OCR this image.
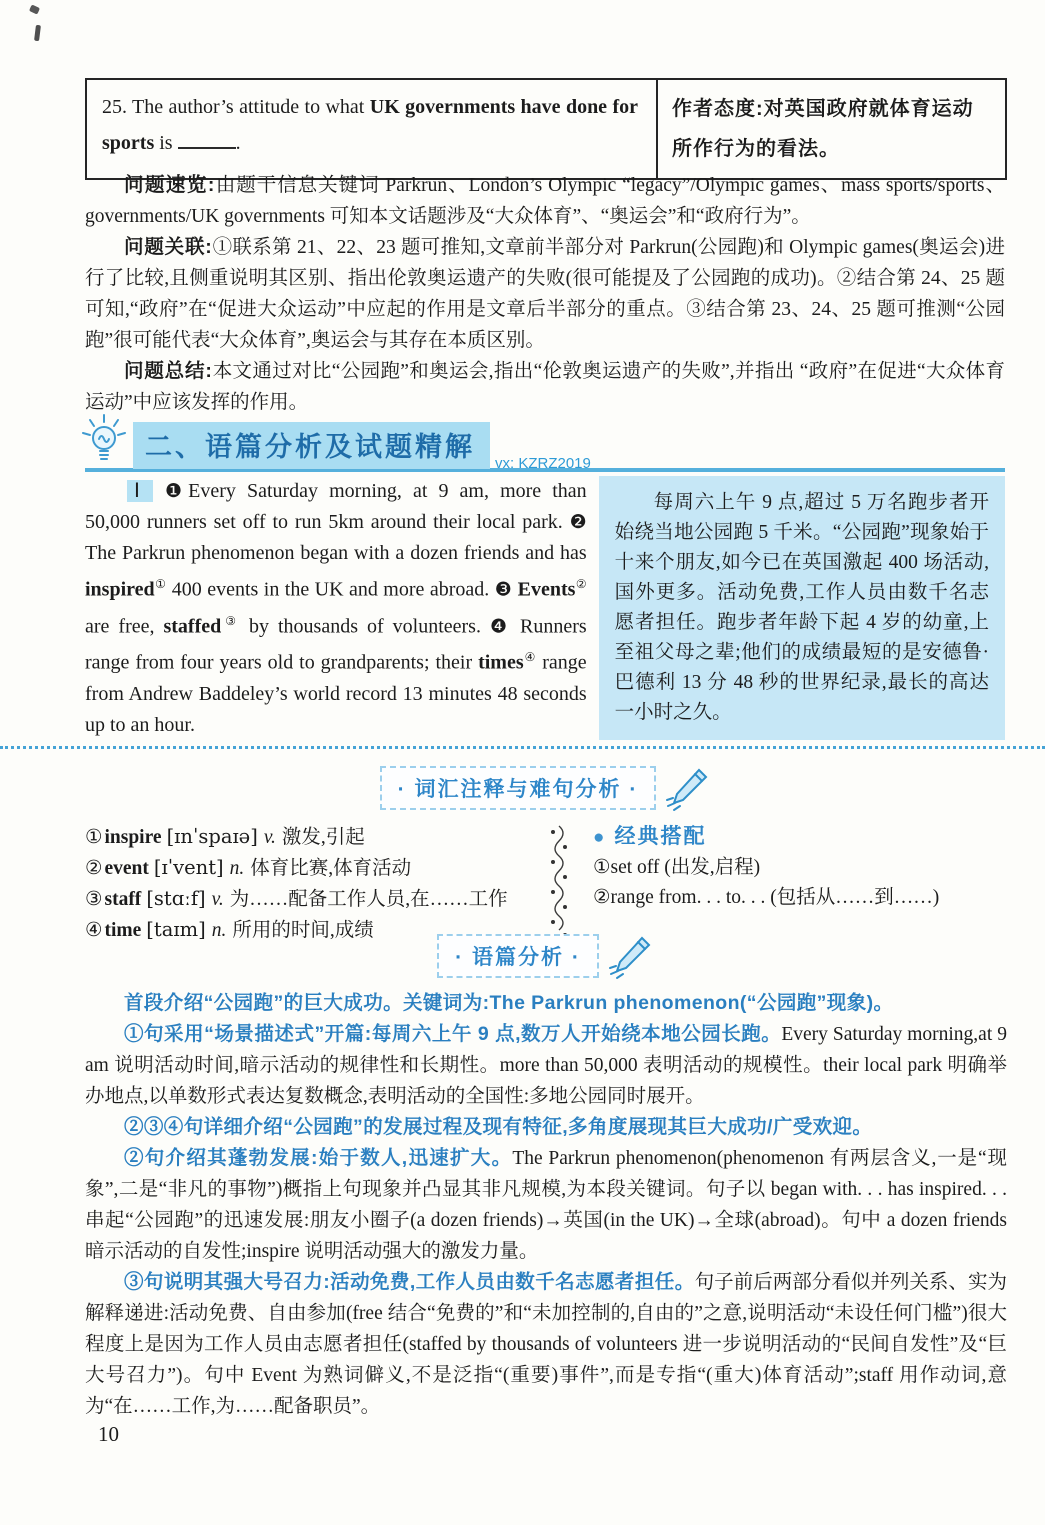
25. The author’s attitude to what UK governments have done for sports is	.
作者态度:对英国政府就体育运动所作行为的看法。

问题速览:由题干信息关键词 Parkrun、London’s Olympic “legacy”/Olympic games、mass sports/sports、governments/UK governments 可知本文话题涉及“大众体育”、“奥运会”和“政府行为”。

问题关联:①联系第 21、22、23 题可推知,文章前半部分对 Parkrun(公园跑)和 Olympic games(奥运会)进行了比较,且侧重说明其区别、指出伦敦奥运遗产的失败(很可能提及了公园跑的成功)。②结合第 24、25 题可知,“政府”在“促进大众运动”中应起的作用是文章后半部分的重点。③结合第 23、24、25 题可推测“公园跑”很可能代表“大众体育”,奥运会与其存在本质区别。

问题总结:本文通过对比“公园跑”和奥运会,指出“伦敦奥运遗产的失败”,并指出 “政府”在促进“大众体育运动”中应该发挥的作用。

二、语篇分析及试题精解vx: KZRZ2019
Ⅰ ❶Every Saturday morning, at 9 am, more than 50,000 runners set off to run 5km around their local park. ❷ The Parkrun phenomenon began with a dozen friends and has inspired① 400 events in the UK and more abroad. ❸ Events② are free, staffed③ by thousands of volunteers. ❹ Runners range from four years old to grandparents; their times④ range from Andrew Baddeley’s world record 13 minutes 48 seconds up to an hour.
每周六上午 9 点,超过 5 万名跑步者开始绕当地公园跑 5 千米。“公园跑”现象始于十来个朋友,如今已在英国激起 400 场活动,国外更多。活动免费,工作人员由数千名志愿者担任。跑步者年龄下起 4 岁的幼童,上至祖父母之辈;他们的成绩最短的是安德鲁·巴德利 13 分 48 秒的世界纪录,最长的高达一小时之久。
· 词汇注释与难句分析 ·

① inspire [ɪnˈspaɪə] v. 激发,引起

② event [ɪˈvent] n. 体育比赛,体育活动

③ staff [stɑːf] v. 为……配备工作人员,在……工作

④ time [taɪm] n. 所用的时间,成绩

● 经典搭配

①set off (出发,启程)

②range from. . . to. . . (包括从……到……)

· 语篇分析 ·

首段介绍“公园跑”的巨大成功。关键词为:The Parkrun phenomenon(“公园跑”现象)。

①句采用“场景描述式”开篇:每周六上午 9 点,数万人开始绕本地公园长跑。Every Saturday morning,at 9 am 说明活动时间,暗示活动的规律性和长期性。more than 50,000 表明活动的规模性。their local park 明确举办地点,以单数形式表达复数概念,表明活动的全国性:多地公园同时展开。

②③④句详细介绍“公园跑”的发展过程及现有特征,多角度展现其巨大成功/广受欢迎。

②句介绍其蓬勃发展:始于数人,迅速扩大。The Parkrun phenomenon(phenomenon 有两层含义,一是“现象”,二是“非凡的事物”)概指上句现象并凸显其非凡规模,为本段关键词。句子以 began with. . . has inspired. . . 串起“公园跑”的迅速发展:朋友小圈子(a dozen friends)→英国(in the UK)→全球(abroad)。句中 a dozen friends 暗示活动的自发性;inspire 说明活动强大的激发力量。

③句说明其强大号召力:活动免费,工作人员由数千名志愿者担任。句子前后两部分看似并列关系、实为解释递进:活动免费、自由参加(free 结合“免费的”和“未加控制的,自由的”之意,说明活动“未设任何门槛”)很大程度上是因为工作人员由志愿者担任(staffed by thousands of volunteers 进一步说明活动的“民间自发性”及“巨大号召力”)。句中 Event 为熟词僻义,不是泛指“(重要)事件”,而是专指“(重大)体育活动”;staff 用作动词,意为“在……工作,为……配备职员”。

10
